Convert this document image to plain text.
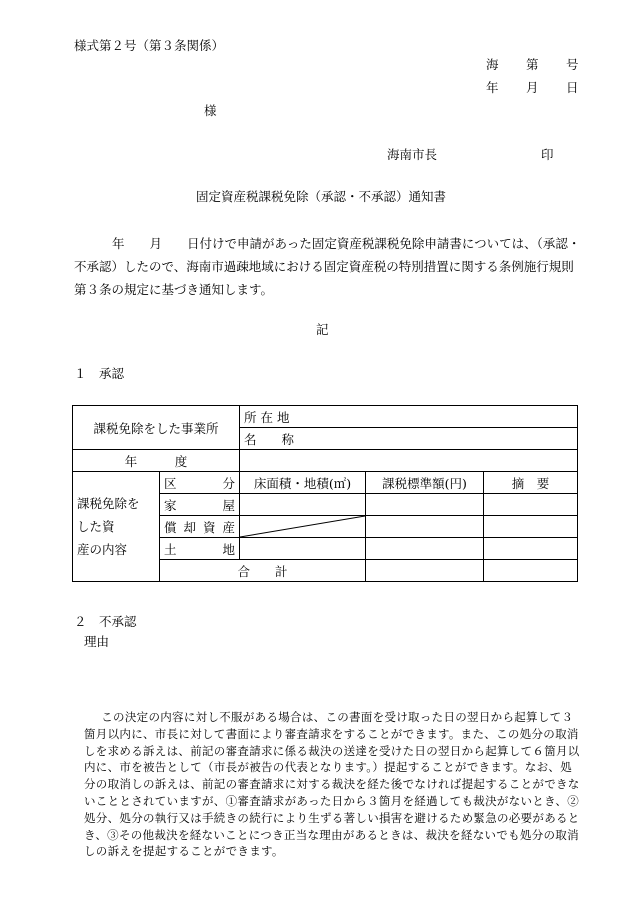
様式第２号（第３条関係）
海 第 号
年 月 日
様
海南市長	印
固定資産税課税免除（承認・不承認）通知書
年　　月　　日付けで申請があった固定資産税課税免除申請書については、（承認・不承認）したので、海南市過疎地域における固定資産税の特別措置に関する条例施行規則第３条の規定に基づき通知します。
記
１　承認
課税免除をした事業所		所 在 地		
		名　　称		
年　　　度				

課税免除を
した資
産の内容	区　　分	床面積・地積(㎡)	課税標準額(円)	摘　要
	家　　屋			
	償却資産	

	土　　地			
	合　　計			
２　不承認
理由
この決定の内容に対し不服がある場合は、この書面を受け取った日の翌日から起算して３箇月以内に、市長に対して書面により審査請求をすることができます。また、この処分の取消しを求める訴えは、前記の審査請求に係る裁決の送達を受けた日の翌日から起算して６箇月以内に、市を被告として（市長が被告の代表となります。）提起することができます。なお、処分の取消しの訴えは、前記の審査請求に対する裁決を経た後でなければ提起することができないこととされていますが、①審査請求があった日から３箇月を経過しても裁決がないとき、②処分、処分の執行又は手続きの続行により生ずる著しい損害を避けるため緊急の必要があるとき、③その他裁決を経ないことにつき正当な理由があるときは、裁決を経ないでも処分の取消しの訴えを提起することができます。
